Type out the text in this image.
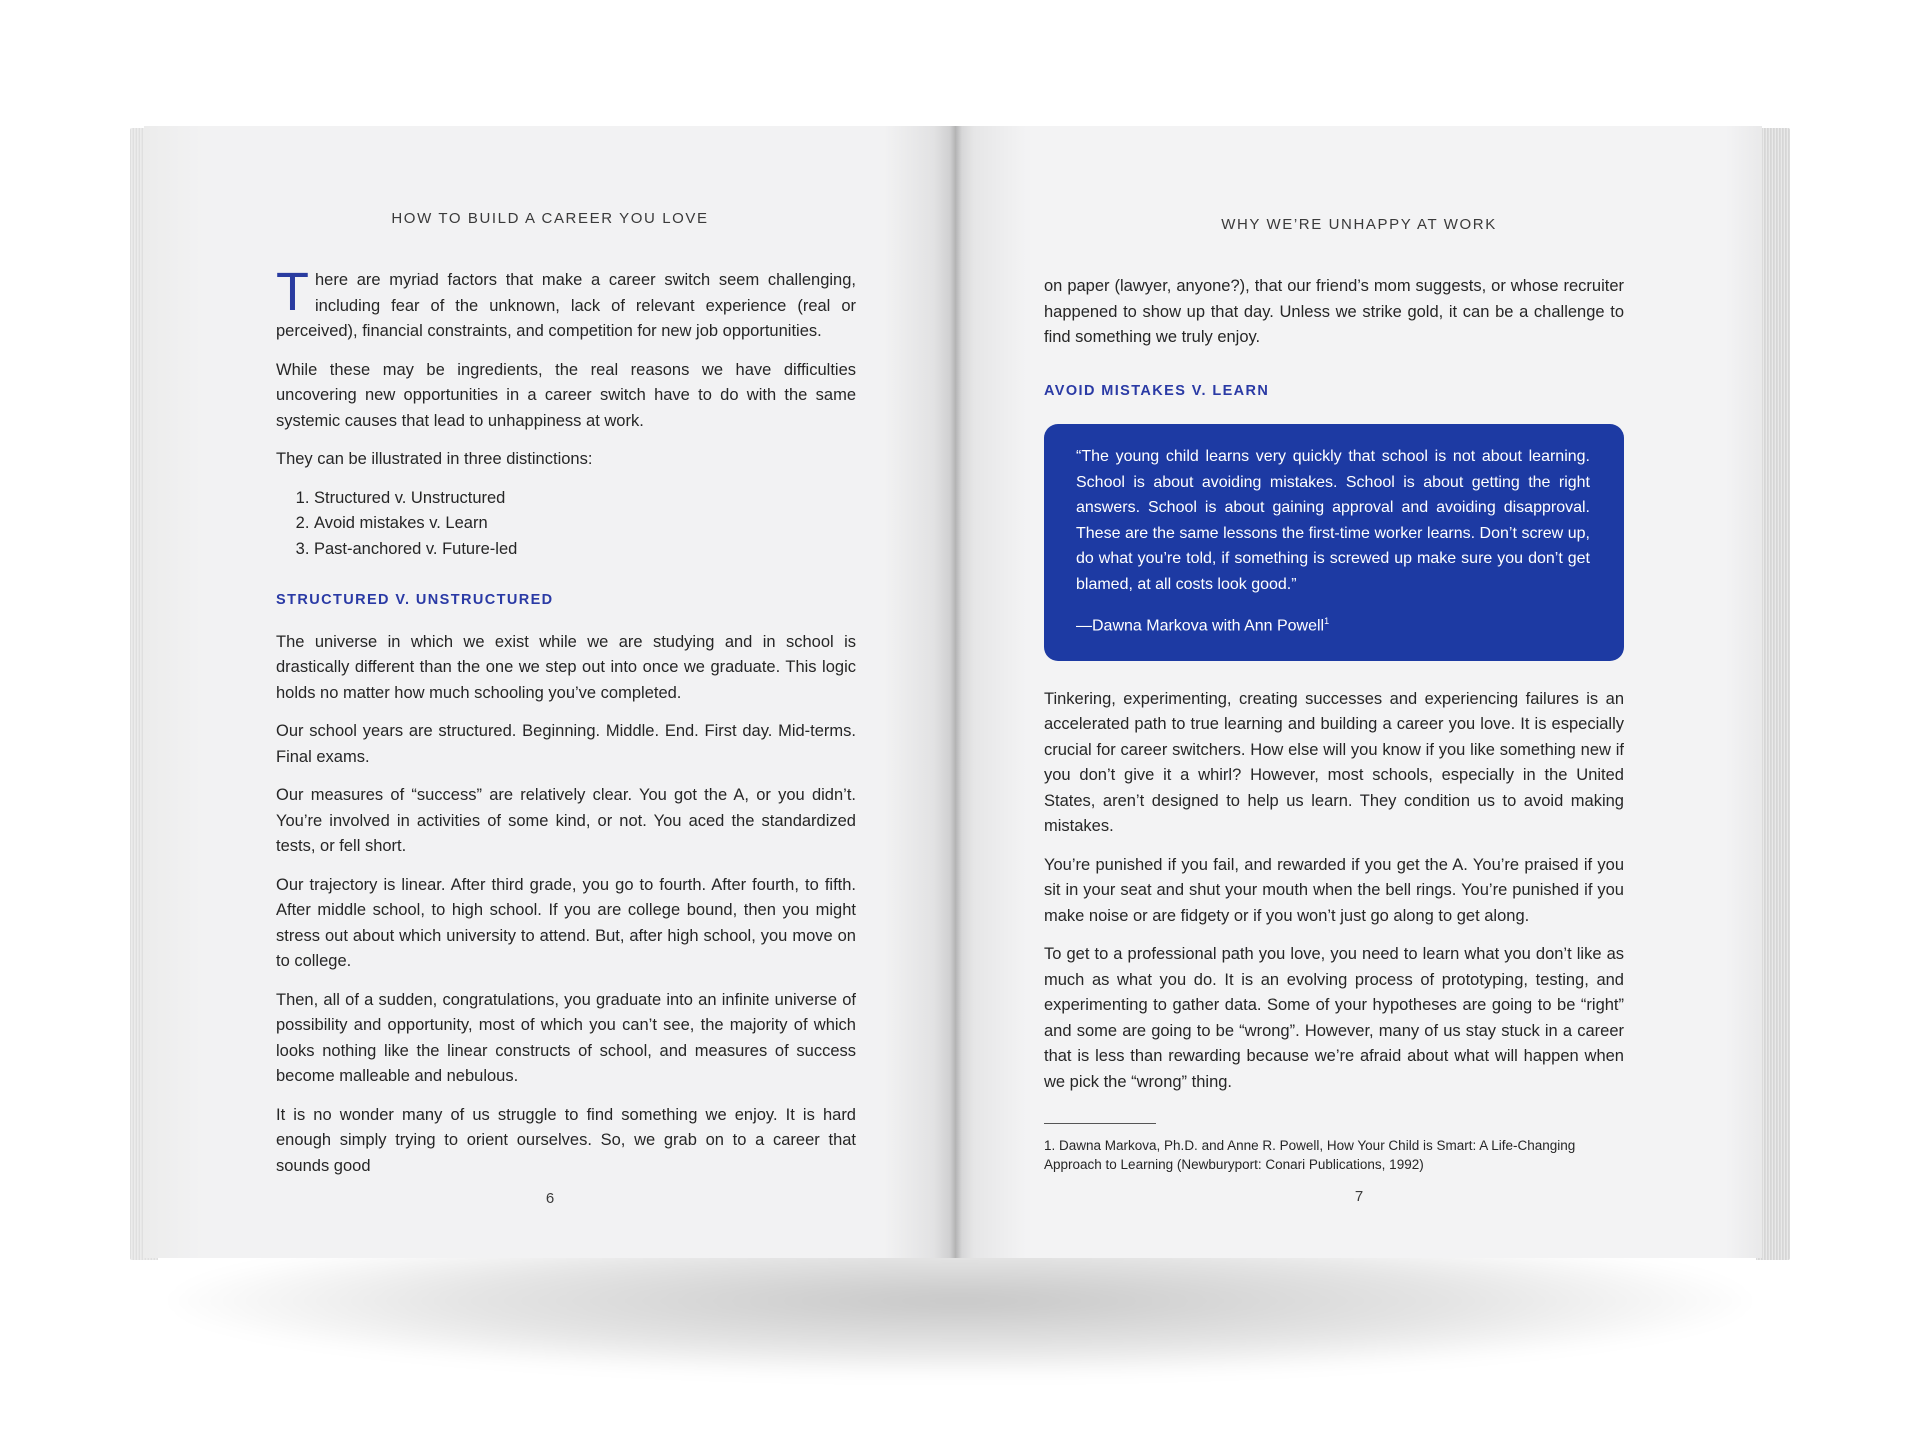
HOW TO BUILD A CAREER YOU LOVE

There are myriad factors that make a career switch seem challenging, including fear of the unknown, lack of relevant experience (real or perceived), financial constraints, and competition for new job opportunities.

While these may be ingredients, the real reasons we have difficulties uncovering new opportunities in a career switch have to do with the same systemic causes that lead to unhappiness at work.

They can be illustrated in three distinctions:

1. Structured v. Unstructured
2. Avoid mistakes v. Learn
3. Past-anchored v. Future-led
STRUCTURED V. UNSTRUCTURED

The universe in which we exist while we are studying and in school is drastically different than the one we step out into once we graduate. This logic holds no matter how much schooling you’ve completed.

Our school years are structured. Beginning. Middle. End. First day. Mid-terms. Final exams.

Our measures of “success” are relatively clear. You got the A, or you didn’t. You’re involved in activities of some kind, or not. You aced the standardized tests, or fell short.

Our trajectory is linear. After third grade, you go to fourth. After fourth, to fifth. After middle school, to high school. If you are college bound, then you might stress out about which university to attend. But, after high school, you move on to college.

Then, all of a sudden, congratulations, you graduate into an infinite universe of possibility and opportunity, most of which you can’t see, the majority of which looks nothing like the linear constructs of school, and measures of success become malleable and nebulous.

It is no wonder many of us struggle to find something we enjoy. It is hard enough simply trying to orient ourselves. So, we grab on to a career that sounds good

6
WHY WE’RE UNHAPPY AT WORK

on paper (lawyer, anyone?), that our friend’s mom suggests, or whose recruiter happened to show up that day. Unless we strike gold, it can be a challenge to find something we truly enjoy.

AVOID MISTAKES V. LEARN
“The young child learns very quickly that school is not about learning. School is about avoiding mistakes. School is about getting the right answers. School is about gaining approval and avoiding disapproval. These are the same lessons the first-time worker learns. Don’t screw up, do what you’re told, if something is screwed up make sure you don’t get blamed, at all costs look good.”
—Dawna Markova with Ann Powell$^1$

Tinkering, experimenting, creating successes and experiencing failures is an accelerated path to true learning and building a career you love. It is especially crucial for career switchers. How else will you know if you like something new if you don’t give it a whirl? However, most schools, especially in the United States, aren’t designed to help us learn. They condition us to avoid making mistakes.

You’re punished if you fail, and rewarded if you get the A. You’re praised if you sit in your seat and shut your mouth when the bell rings. You’re punished if you make noise or are fidgety or if you won’t just go along to get along.

To get to a professional path you love, you need to learn what you don’t like as much as what you do. It is an evolving process of prototyping, testing, and experimenting to gather data. Some of your hypotheses are going to be “right” and some are going to be “wrong”. However, many of us stay stuck in a career that is less than rewarding because we’re afraid about what will happen when we pick the “wrong” thing.

1. Dawna Markova, Ph.D. and Anne R. Powell, How Your Child is Smart: A Life-Changing Approach to Learning (Newburyport: Conari Publications, 1992)
7
